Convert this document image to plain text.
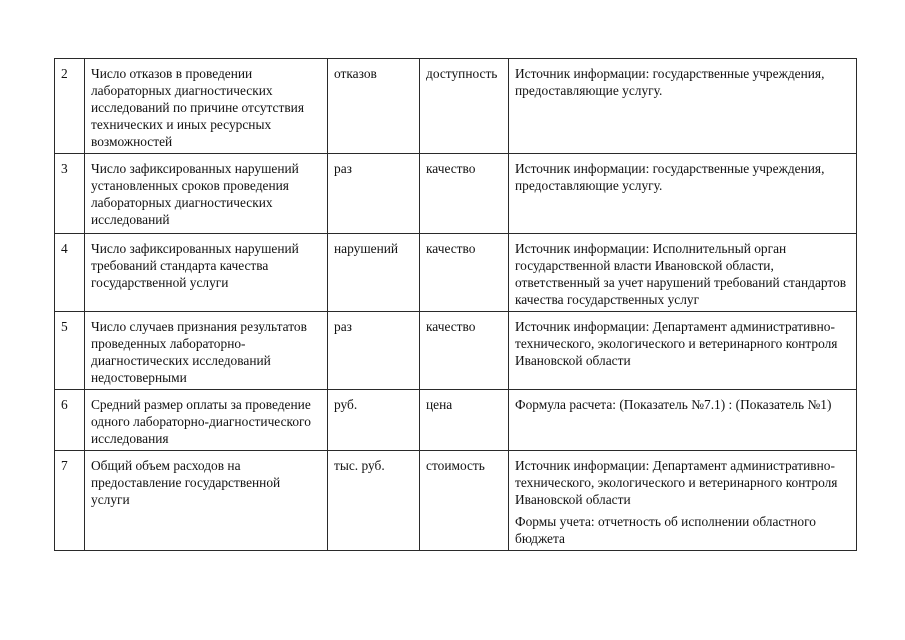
2	Число отказов в проведении лабораторных диагностических исследований по причине отсутствия технических и иных ресурсных возможностей	отказов	доступность	Источник информации: государственные учреждения, предоставляющие услугу.

3	Число зафиксированных нарушений установленных сроков проведения лабораторных диагностических исследований	раз	качество	Источник информации: государственные учреждения, предоставляющие услугу.

4	Число зафиксированных нарушений требований стандарта качества государственной услуги	нарушений	качество	Источник информации: Исполнительный орган государственной власти Ивановской области, ответственный за учет нарушений требований стандартов качества государственных услуг

5	Число случаев признания результатов проведенных лабораторно-диагностических исследований недостоверными	раз	качество	Источник информации: Департамент административно-технического, экологического и ветеринарного контроля Ивановской области

6	Средний размер оплаты за проведение одного лабораторно-диагностического исследования	руб.	цена	Формула расчета: (Показатель №7.1) : (Показатель №1)

7	Общий объем расходов на предоставление государственной услуги	тыс. руб.	стоимость	Источник информации: Департамент административно-технического, экологического и ветеринарного контроля Ивановской области
Формы учета: отчетность об исполнении областного бюджета
